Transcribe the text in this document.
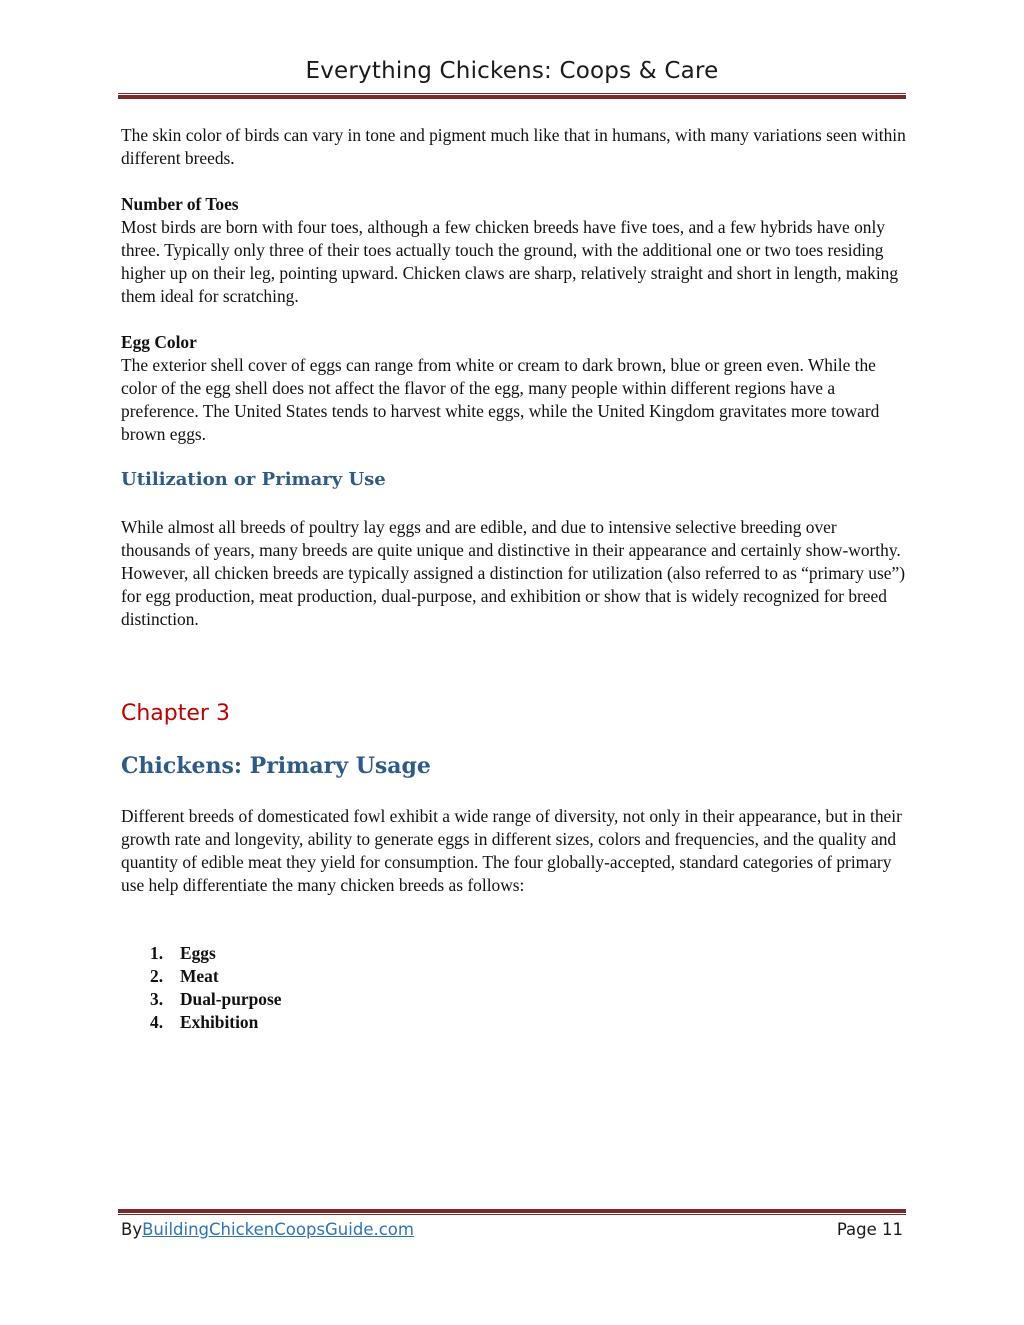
Everything Chickens: Coops & Care

The skin color of birds can vary in tone and pigment much like that in humans, with many variations seen within different breeds.

Number of Toes

Most birds are born with four toes, although a few chicken breeds have five toes, and a few hybrids have only three. Typically only three of their toes actually touch the ground, with the additional one or two toes residing higher up on their leg, pointing upward. Chicken claws are sharp, relatively straight and short in length, making them ideal for scratching.

Egg Color

The exterior shell cover of eggs can range from white or cream to dark brown, blue or green even. While the color of the egg shell does not affect the flavor of the egg, many people within different regions have a preference. The United States tends to harvest white eggs, while the United Kingdom gravitates more toward brown eggs.

Utilization or Primary Use

While almost all breeds of poultry lay eggs and are edible, and due to intensive selective breeding over thousands of years, many breeds are quite unique and distinctive in their appearance and certainly show-worthy. However, all chicken breeds are typically assigned a distinction for utilization (also referred to as “primary use”) for egg production, meat production, dual-purpose, and exhibition or show that is widely recognized for breed distinction.

Chapter 3
Chickens: Primary Usage

Different breeds of domesticated fowl exhibit a wide range of diversity, not only in their appearance, but in their growth rate and longevity, ability to generate eggs in different sizes, colors and frequencies, and the quality and quantity of edible meat they yield for consumption. The four globally-accepted, standard categories of primary use help differentiate the many chicken breeds as follows:

1. Eggs
2. Meat
3. Dual-purpose
4. Exhibition
ByBuildingChickenCoopsGuide.com	Page 11
